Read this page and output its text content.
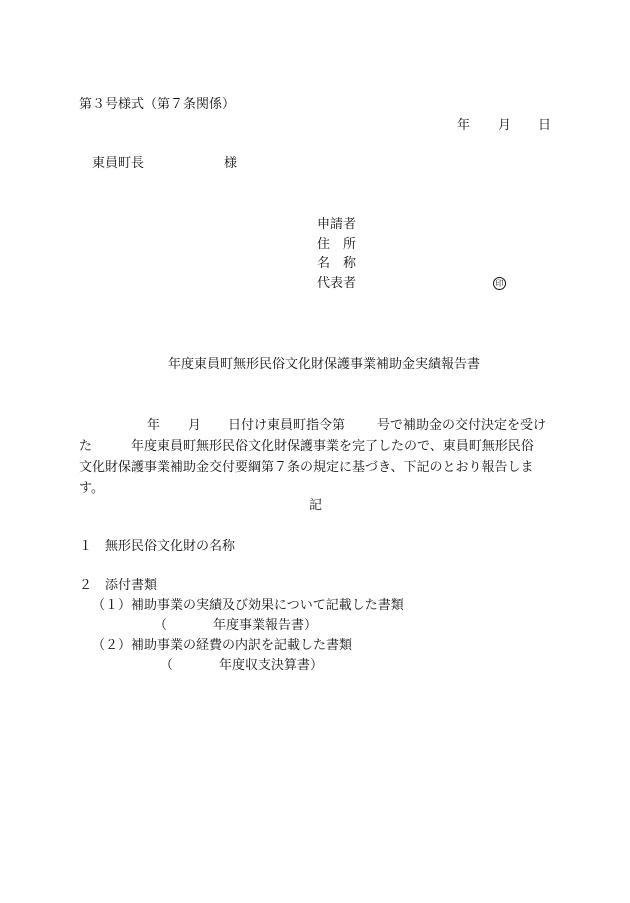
第３号様式（第７条関係）
年 月 日
東員町長	様
申請者
住　所
名　称
代表者	印
年度東員町無形民俗文化財保護事業補助金実績報告書
年 月 日付け東員町指令第 号で補助金の交付決定を受け
た	年度東員町無形民俗文化財保護事業を完了したので、東員町無形民俗
文化財保護事業補助金交付要綱第７条の規定に基づき、下記のとおり報告しま
す。
記
１　無形民俗文化財の名称
２　添付書類
（１）補助事業の実績及び効果について記載した書類
（	年度事業報告書）
（２）補助事業の経費の内訳を記載した書類
（	年度収支決算書）
